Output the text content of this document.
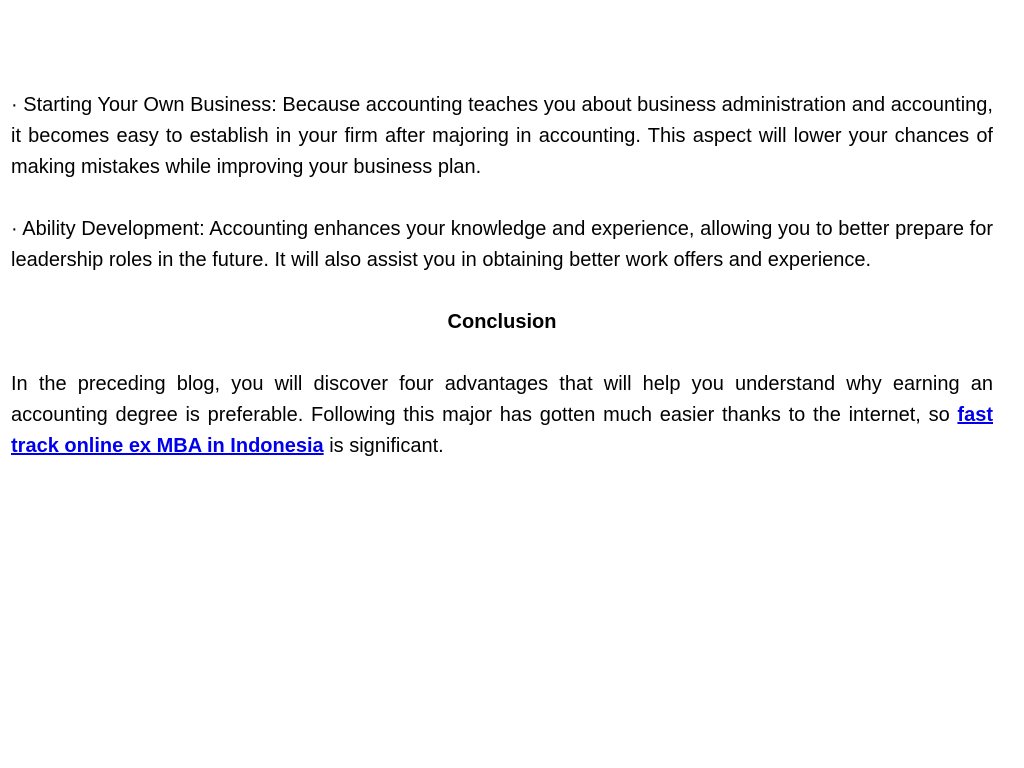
· Starting Your Own Business: Because accounting teaches you about business administration and accounting, it becomes easy to establish in your firm after majoring in accounting. This aspect will lower your chances of making mistakes while improving your business plan.

· Ability Development: Accounting enhances your knowledge and experience, allowing you to better prepare for leadership roles in the future. It will also assist you in obtaining better work offers and experience.

Conclusion

In the preceding blog, you will discover four advantages that will help you understand why earning an accounting degree is preferable. Following this major has gotten much easier thanks to the internet, so fast track online ex MBA in Indonesia is significant.
